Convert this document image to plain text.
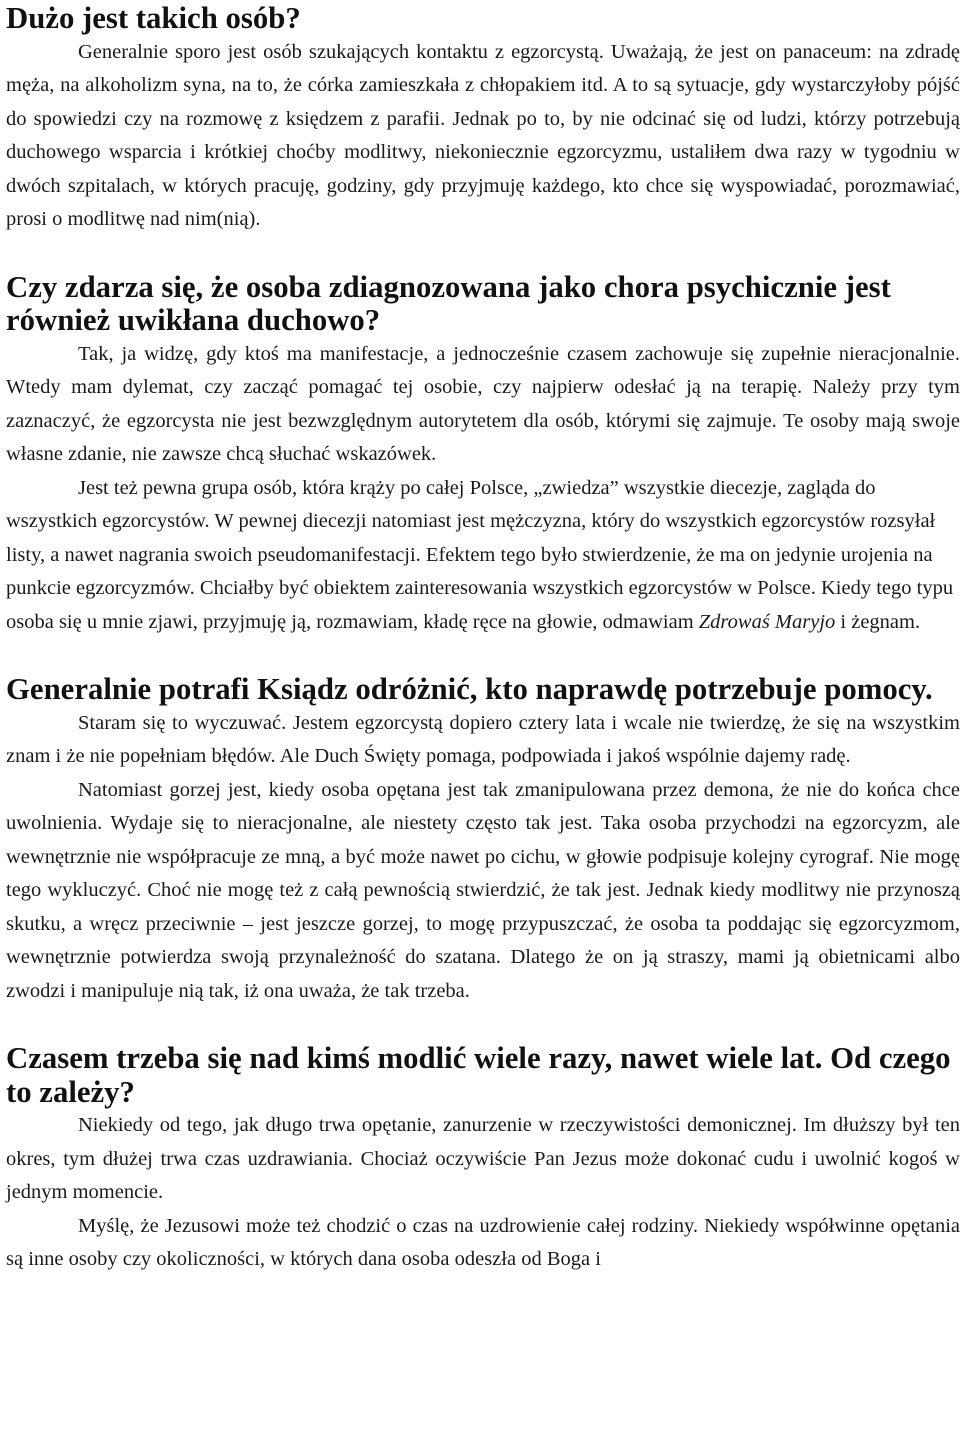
Dużo jest takich osób?

Generalnie sporo jest osób szukających kontaktu z egzorcystą. Uważają, że jest on panaceum: na zdradę męża, na alkoholizm syna, na to, że córka zamieszkała z chłopakiem itd. A to są sytuacje, gdy wystarczyłoby pójść do spowiedzi czy na rozmowę z księdzem z parafii. Jednak po to, by nie odcinać się od ludzi, którzy potrzebują duchowego wsparcia i krótkiej choćby modlitwy, niekoniecznie egzorcyzmu, ustaliłem dwa razy w tygodniu w dwóch szpitalach, w których pracuję, godziny, gdy przyjmuję każdego, kto chce się wyspowiadać, porozmawiać, prosi o modlitwę nad nim(nią).

Czy zdarza się, że osoba zdiagnozowana jako chora psychicznie jest również uwikłana duchowo?

Tak, ja widzę, gdy ktoś ma manifestacje, a jednocześnie czasem zachowuje się zupełnie nieracjonalnie. Wtedy mam dylemat, czy zacząć pomagać tej osobie, czy najpierw odesłać ją na terapię. Należy przy tym zaznaczyć, że egzorcysta nie jest bezwzględnym autorytetem dla osób, którymi się zajmuje. Te osoby mają swoje własne zdanie, nie zawsze chcą słuchać wskazówek.

Jest też pewna grupa osób, która krąży po całej Polsce, „zwiedza” wszystkie diecezje, zagląda do wszystkich egzorcystów. W pewnej diecezji natomiast jest mężczyzna, który do wszystkich egzorcystów rozsyłał listy, a nawet nagrania swoich pseudomanifestacji. Efektem tego było stwierdzenie, że ma on jedynie urojenia na punkcie egzorcyzmów. Chciałby być obiektem zainteresowania wszystkich egzorcystów w Polsce. Kiedy tego typu osoba się u mnie zjawi, przyjmuję ją, rozmawiam, kładę ręce na głowie, odmawiam Zdrowaś Maryjo i żegnam.

Generalnie potrafi Ksiądz odróżnić, kto naprawdę potrzebuje pomocy.

Staram się to wyczuwać. Jestem egzorcystą dopiero cztery lata i wcale nie twierdzę, że się na wszystkim znam i że nie popełniam błędów. Ale Duch Święty pomaga, podpowiada i jakoś wspólnie dajemy radę.

Natomiast gorzej jest, kiedy osoba opętana jest tak zmanipulowana przez demona, że nie do końca chce uwolnienia. Wydaje się to nieracjonalne, ale niestety często tak jest. Taka osoba przychodzi na egzorcyzm, ale wewnętrznie nie współpracuje ze mną, a być może nawet po cichu, w głowie podpisuje kolejny cyrograf. Nie mogę tego wykluczyć. Choć nie mogę też z całą pewnością stwierdzić, że tak jest. Jednak kiedy modlitwy nie przynoszą skutku, a wręcz przeciwnie – jest jeszcze gorzej, to mogę przypuszczać, że osoba ta poddając się egzorcyzmom, wewnętrznie potwierdza swoją przynależność do szatana. Dlatego że on ją straszy, mami ją obietnicami albo zwodzi i manipuluje nią tak, iż ona uważa, że tak trzeba.

Czasem trzeba się nad kimś modlić wiele razy, nawet wiele lat. Od czego to zależy?

Niekiedy od tego, jak długo trwa opętanie, zanurzenie w rzeczywistości demonicznej. Im dłuższy był ten okres, tym dłużej trwa czas uzdrawiania. Chociaż oczywiście Pan Jezus może dokonać cudu i uwolnić kogoś w jednym momencie.

Myślę, że Jezusowi może też chodzić o czas na uzdrowienie całej rodziny. Niekiedy współwinne opętania są inne osoby czy okoliczności, w których dana osoba odeszła od Boga i
